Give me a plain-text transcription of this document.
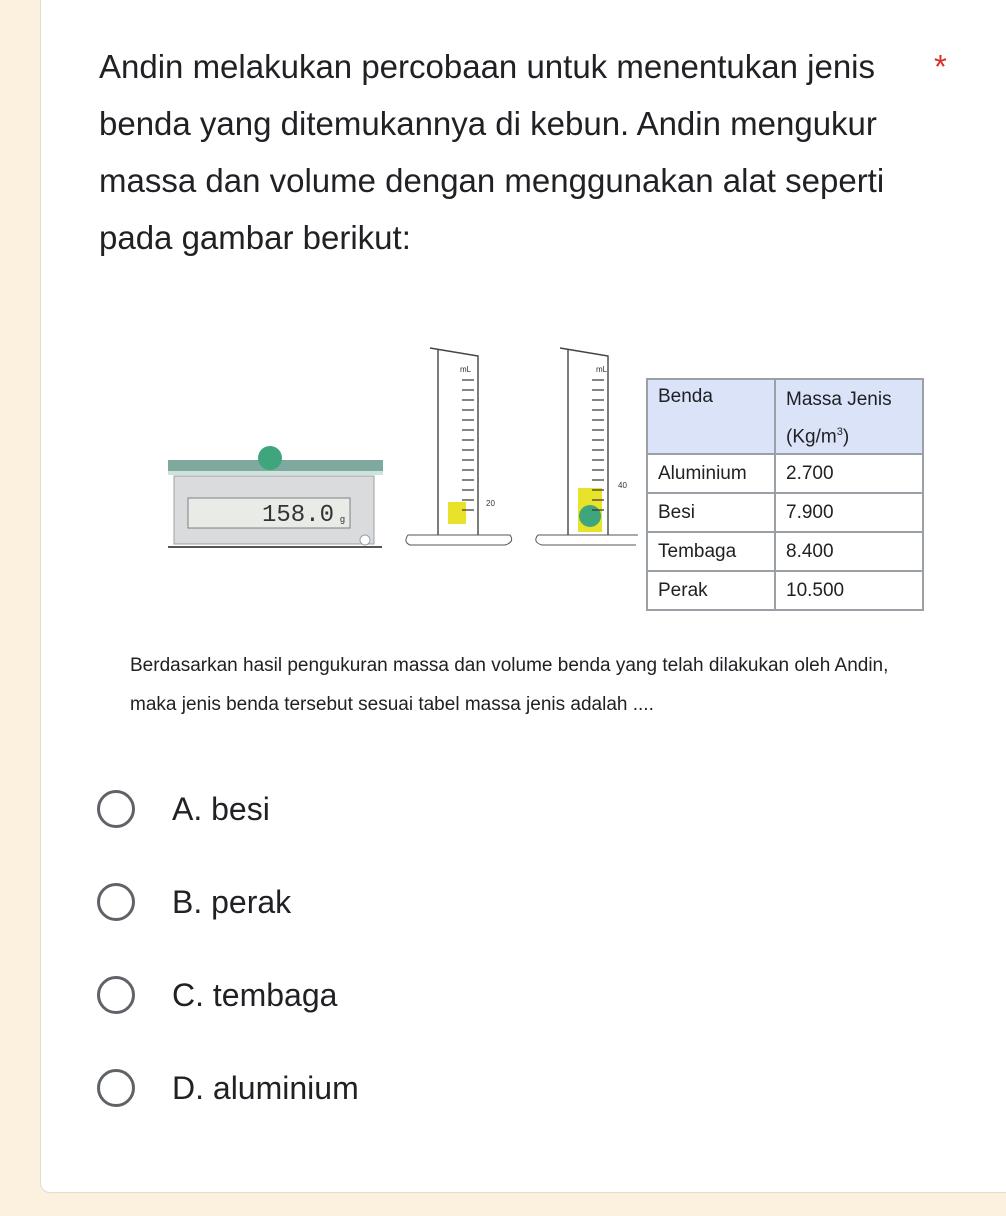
Andin melakukan percobaan untuk menentukan jenis benda yang ditemukannya di kebun. Andin mengukur massa dan volume dengan menggunakan alat seperti pada gambar berikut:
*
158.0 g
mL
20
mL
40
Benda	Massa Jenis
$(Kg/m^3)$
Aluminium	2.700
Besi	7.900
Tembaga	8.400
Perak	10.500
Berdasarkan hasil pengukuran massa dan volume benda yang telah dilakukan oleh Andin, maka jenis benda tersebut sesuai tabel massa jenis adalah ....
A. besi
B. perak
C. tembaga
D. aluminium
